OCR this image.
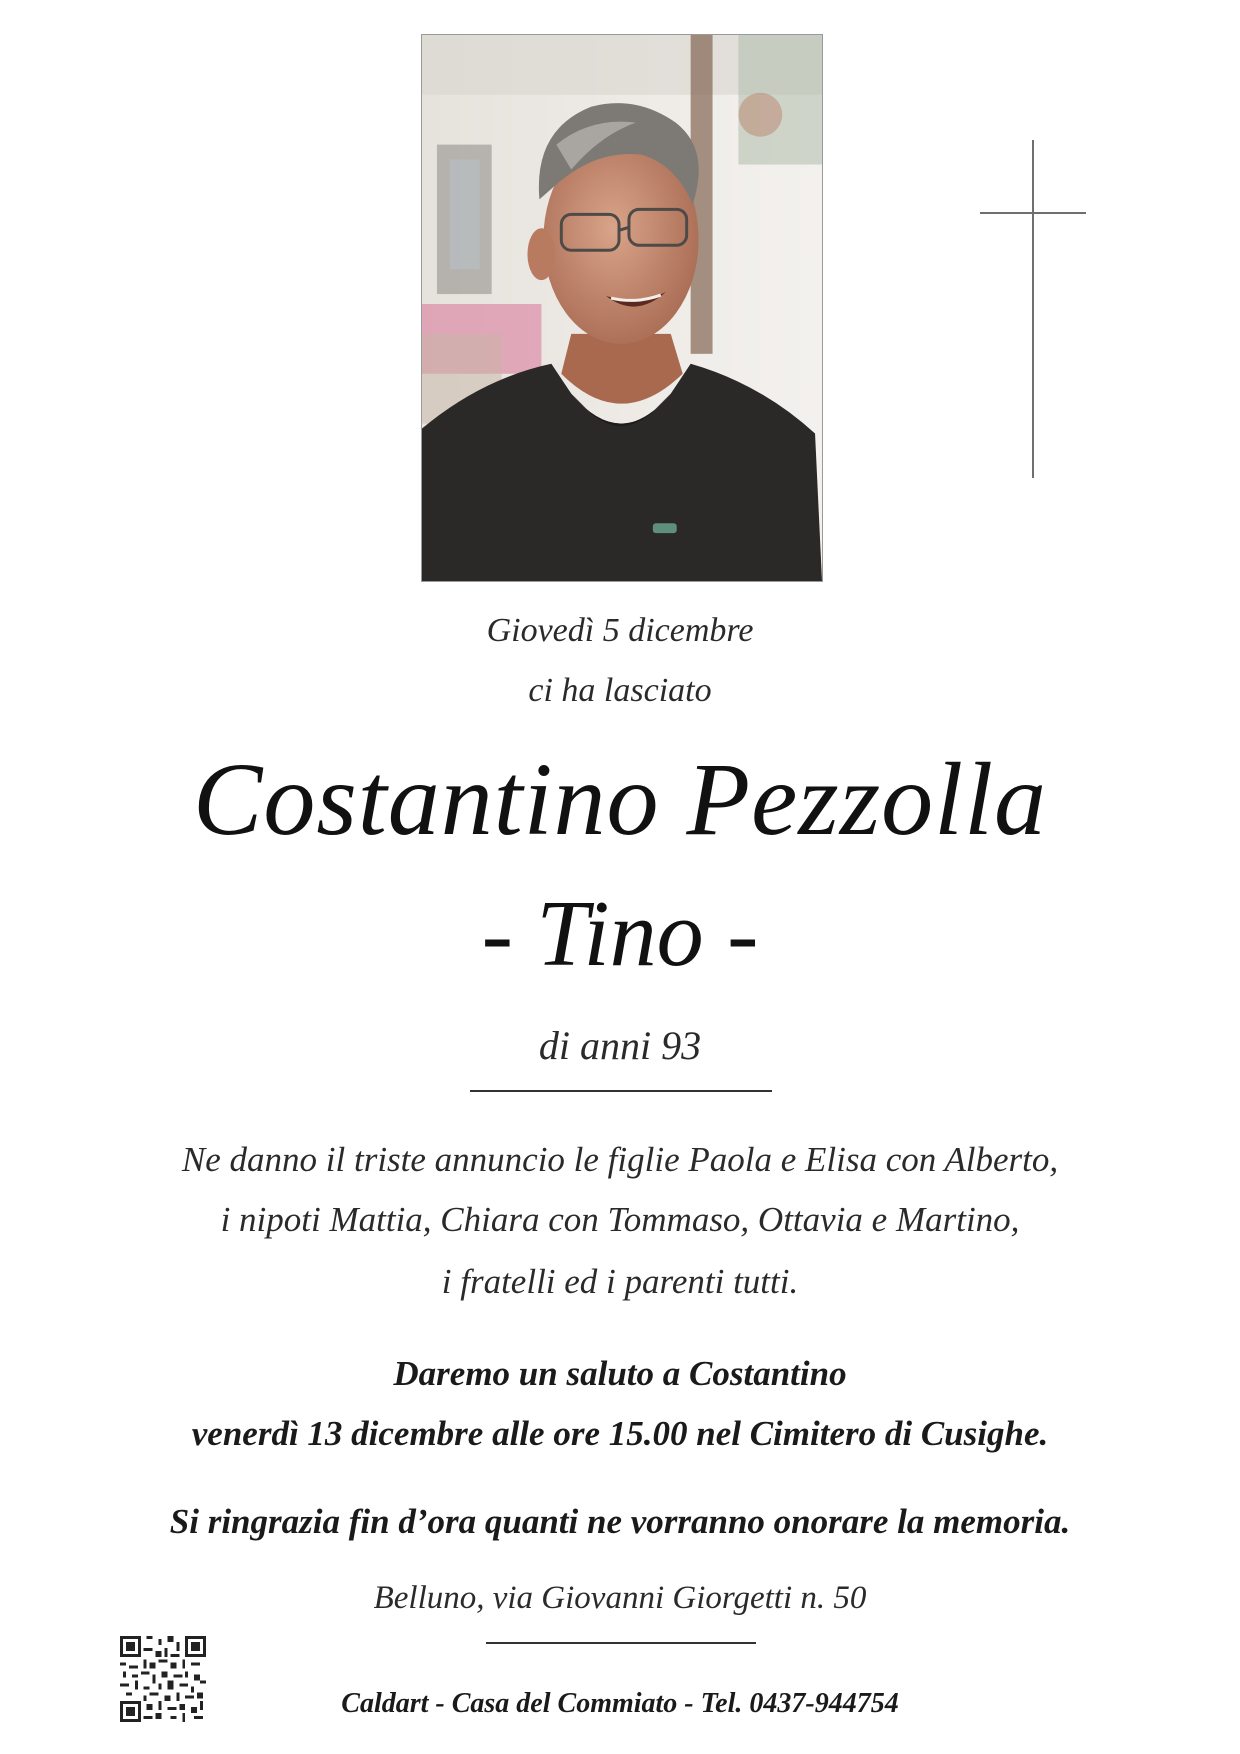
Giovedì 5 dicembre
ci ha lasciato
Costantino Pezzolla
- Tino -
di anni 93
Ne danno il triste annuncio le figlie Paola e Elisa con Alberto,
i nipoti Mattia, Chiara con Tommaso, Ottavia e Martino,
i fratelli ed i parenti tutti.
Daremo un saluto a Costantino
venerdì 13 dicembre alle ore 15.00 nel Cimitero di Cusighe.
Si ringrazia fin d’ora quanti ne vorranno onorare la memoria.
Belluno, via Giovanni Giorgetti n. 50
Caldart - Casa del Commiato - Tel. 0437-944754
